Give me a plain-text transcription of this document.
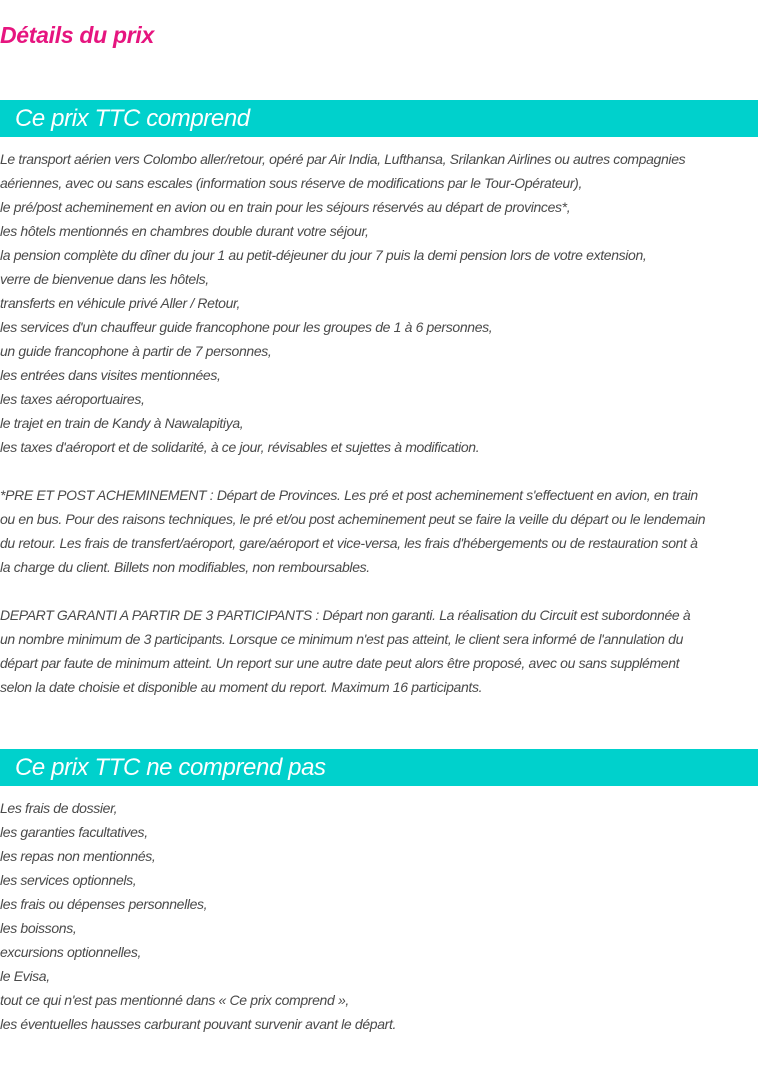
Détails du prix
Ce prix TTC comprend
Le transport aérien vers Colombo aller/retour, opéré par Air India, Lufthansa, Srilankan Airlines ou autres compagnies
aériennes, avec ou sans escales (information sous réserve de modifications par le Tour-Opérateur),
le pré/post acheminement en avion ou en train pour les séjours réservés au départ de provinces*,
les hôtels mentionnés en chambres double durant votre séjour,
la pension complète du dîner du jour 1 au petit-déjeuner du jour 7 puis la demi pension lors de votre extension,
verre de bienvenue dans les hôtels,
transferts en véhicule privé Aller / Retour,
les services d'un chauffeur guide francophone pour les groupes de 1 à 6 personnes,
un guide francophone à partir de 7 personnes,
les entrées dans visites mentionnées,
les taxes aéroportuaires,
le trajet en train de Kandy à Nawalapitiya,
les taxes d'aéroport et de solidarité, à ce jour, révisables et sujettes à modification.
*PRE ET POST ACHEMINEMENT : Départ de Provinces. Les pré et post acheminement s'effectuent en avion, en train
ou en bus. Pour des raisons techniques, le pré et/ou post acheminement peut se faire la veille du départ ou le lendemain
du retour. Les frais de transfert/aéroport, gare/aéroport et vice-versa, les frais d'hébergements ou de restauration sont à
la charge du client. Billets non modifiables, non remboursables.
DEPART GARANTI A PARTIR DE 3 PARTICIPANTS : Départ non garanti. La réalisation du Circuit est subordonnée à
un nombre minimum de 3 participants. Lorsque ce minimum n'est pas atteint, le client sera informé de l'annulation du
départ par faute de minimum atteint. Un report sur une autre date peut alors être proposé, avec ou sans supplément
selon la date choisie et disponible au moment du report. Maximum 16 participants.
Ce prix TTC ne comprend pas
Les frais de dossier,
les garanties facultatives,
les repas non mentionnés,
les services optionnels,
les frais ou dépenses personnelles,
les boissons,
excursions optionnelles,
le Evisa,
tout ce qui n'est pas mentionné dans « Ce prix comprend »,
les éventuelles hausses carburant pouvant survenir avant le départ.
